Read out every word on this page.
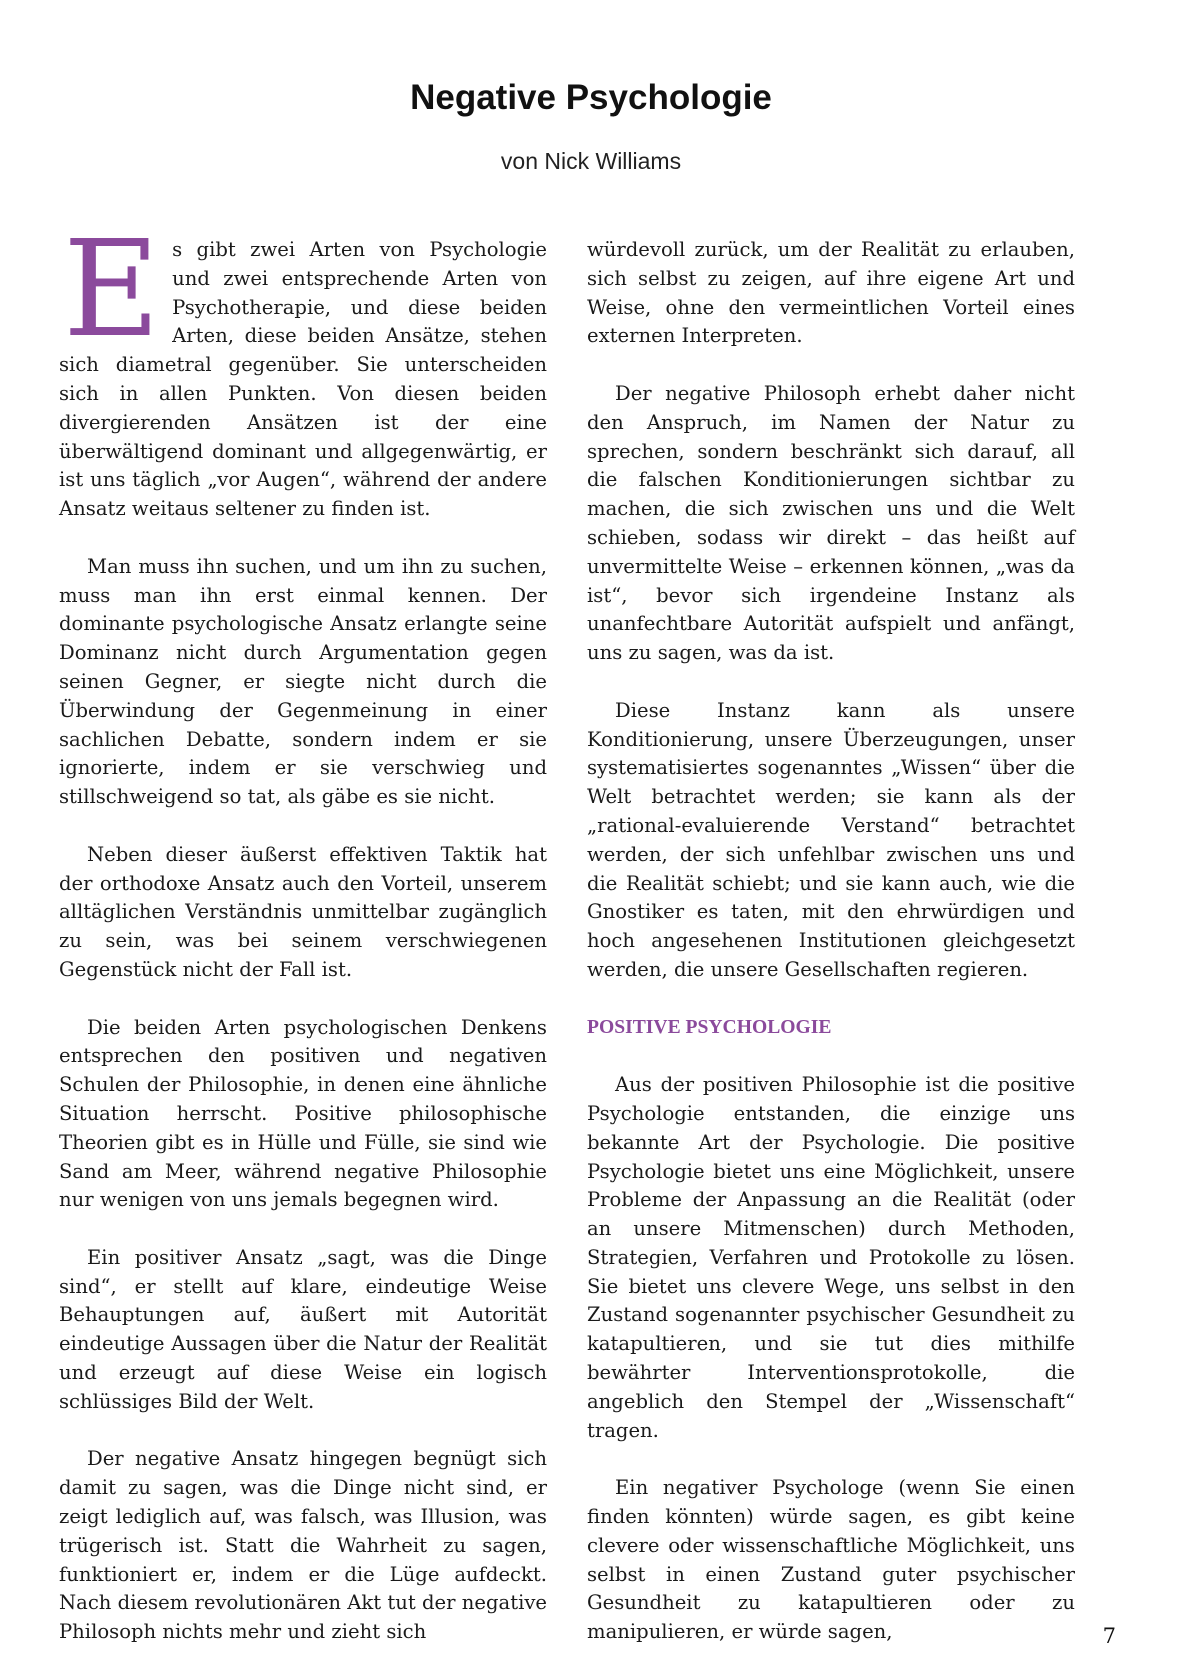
Negative Psychologie
von Nick Williams
E s gibt zwei Arten von Psychologie und zwei entsprechende Arten von Psychotherapie, und diese beiden Arten, diese beiden Ansätze, stehen sich diametral gegenüber. Sie unterscheiden sich in allen Punkten. Von diesen beiden divergierenden Ansätzen ist der eine überwältigend dominant und allgegenwärtig, er ist uns täglich „vor Augen“, während der andere Ansatz weitaus seltener zu finden ist.

Man muss ihn suchen, und um ihn zu suchen, muss man ihn erst einmal kennen. Der dominante psychologische Ansatz erlangte seine Dominanz nicht durch Argumentation gegen seinen Gegner, er siegte nicht durch die Überwindung der Gegenmeinung in einer sachlichen Debatte, sondern indem er sie ignorierte, indem er sie verschwieg und stillschweigend so tat, als gäbe es sie nicht.

Neben dieser äußerst effektiven Taktik hat der orthodoxe Ansatz auch den Vorteil, unserem alltäglichen Verständnis unmittelbar zugänglich zu sein, was bei seinem verschwiegenen Gegenstück nicht der Fall ist.

Die beiden Arten psychologischen Denkens entsprechen den positiven und negativen Schulen der Philosophie, in denen eine ähnliche Situation herrscht. Positive philosophische Theorien gibt es in Hülle und Fülle, sie sind wie Sand am Meer, während negative Philosophie nur wenigen von uns jemals begegnen wird.

Ein positiver Ansatz „sagt, was die Dinge sind“, er stellt auf klare, eindeutige Weise Behauptungen auf, äußert mit Autorität eindeutige Aussagen über die Natur der Realität und erzeugt auf diese Weise ein logisch schlüssiges Bild der Welt.

Der negative Ansatz hingegen begnügt sich damit zu sagen, was die Dinge nicht sind, er zeigt lediglich auf, was falsch, was Illusion, was trügerisch ist. Statt die Wahrheit zu sagen, funktioniert er, indem er die Lüge aufdeckt. Nach diesem revolutionären Akt tut der negative Philosoph nichts mehr und zieht sich

würdevoll zurück, um der Realität zu erlauben, sich selbst zu zeigen, auf ihre eigene Art und Weise, ohne den vermeintlichen Vorteil eines externen Interpreten.

Der negative Philosoph erhebt daher nicht den Anspruch, im Namen der Natur zu sprechen, sondern beschränkt sich darauf, all die falschen Konditionierungen sichtbar zu machen, die sich zwischen uns und die Welt schieben, sodass wir direkt – das heißt auf unvermittelte Weise – erkennen können, „was da ist“, bevor sich irgendeine Instanz als unanfechtbare Autorität aufspielt und anfängt, uns zu sagen, was da ist.

Diese Instanz kann als unsere Konditionierung, unsere Überzeugungen, unser systematisiertes sogenanntes „Wissen“ über die Welt betrachtet werden; sie kann als der „rational-evaluierende Verstand“ betrachtet werden, der sich unfehlbar zwischen uns und die Realität schiebt; und sie kann auch, wie die Gnostiker es taten, mit den ehrwürdigen und hoch angesehenen Institutionen gleichgesetzt werden, die unsere Gesellschaften regieren.

POSITIVE PSYCHOLOGIE

Aus der positiven Philosophie ist die positive Psychologie entstanden, die einzige uns bekannte Art der Psychologie. Die positive Psychologie bietet uns eine Möglichkeit, unsere Probleme der Anpassung an die Realität (oder an unsere Mitmenschen) durch Methoden, Strategien, Verfahren und Protokolle zu lösen. Sie bietet uns clevere Wege, uns selbst in den Zustand sogenannter psychischer Gesundheit zu katapultieren, und sie tut dies mithilfe bewährter Interventionsprotokolle, die angeblich den Stempel der „Wissenschaft“ tragen.

Ein negativer Psychologe (wenn Sie einen finden könnten) würde sagen, es gibt keine clevere oder wissenschaftliche Möglichkeit, uns selbst in einen Zustand guter psychischer Gesundheit zu katapultieren oder zu manipulieren, er würde sagen,	7
